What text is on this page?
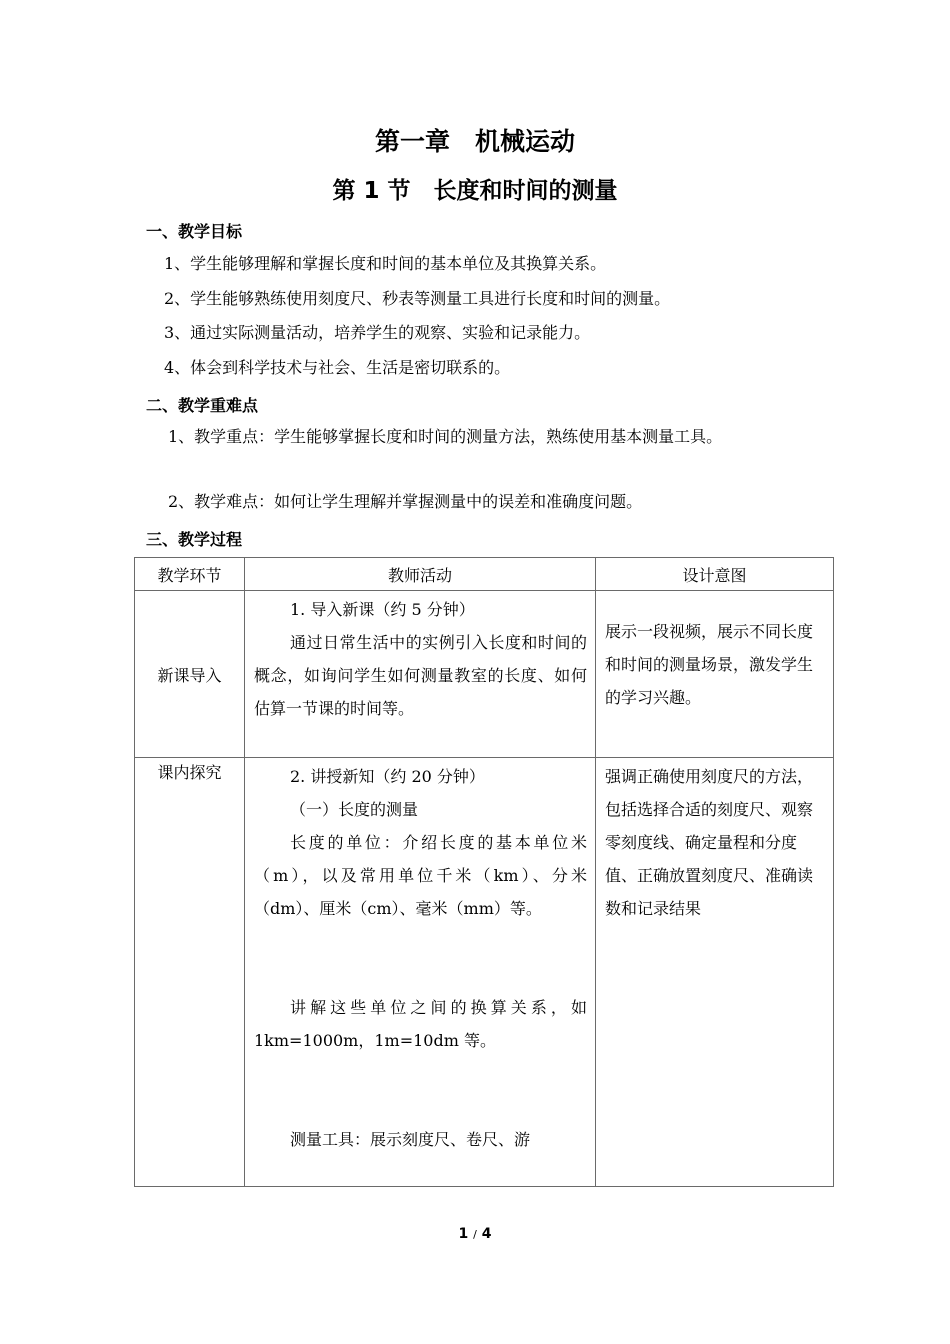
第一章　机械运动
第 1 节　长度和时间的测量
一、教学目标
1、学生能够理解和掌握长度和时间的基本单位及其换算关系。
2、学生能够熟练使用刻度尺、秒表等测量工具进行长度和时间的测量。
3、通过实际测量活动，培养学生的观察、实验和记录能力。
4、体会到科学技术与社会、生活是密切联系的。
二、教学重难点
1、教学重点：学生能够掌握长度和时间的测量方法，熟练使用基本测量工具。
2、教学难点：如何让学生理解并掌握测量中的误差和准确度问题。
三、教学过程
教学环节	教师活动	设计意图
新课导入	1. 导入新课（约 5 分钟）
通过日常生活中的实例引入长度和时间的概念，如询问学生如何测量教室的长度、如何估算一节课的时间等。	展示一段视频，展示不同长度和时间的测量场景，激发学生的学习兴趣。

课内探究	2. 讲授新知（约 20 分钟）
（一）长度的测量
长度的单位：介绍长度的基本单位米（m），以及常用单位千米（km）、分米（dm）、厘米（cm）、毫米（mm）等。
讲解这些单位之间的换算关系，如 1km=1000m，1m=10dm 等。
测量工具：展示刻度尺、卷尺、游	强调正确使用刻度尺的方法，包括选择合适的刻度尺、观察零刻度线、确定量程和分度值、正确放置刻度尺、准确读数和记录结果
1 / 4
